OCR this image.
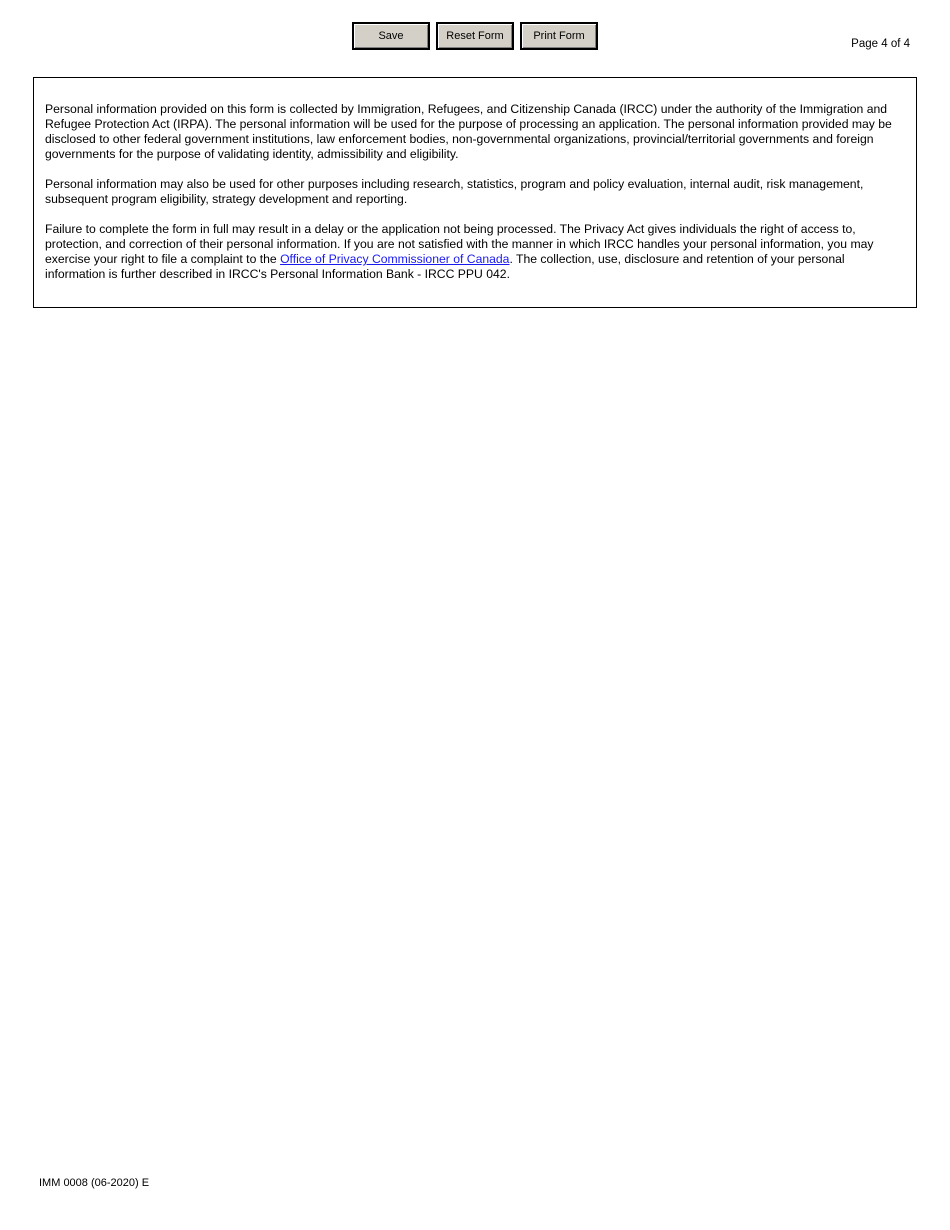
Save	Reset Form	Print Form
Page 4 of 4

Personal information provided on this form is collected by Immigration, Refugees, and Citizenship Canada (IRCC) under the authority of the Immigration and Refugee Protection Act (IRPA). The personal information will be used for the purpose of processing an application. The personal information provided may be disclosed to other federal government institutions, law enforcement bodies, non-governmental organizations, provincial/territorial governments and foreign governments for the purpose of validating identity, admissibility and eligibility.

Personal information may also be used for other purposes including research, statistics, program and policy evaluation, internal audit, risk management, subsequent program eligibility, strategy development and reporting.

Failure to complete the form in full may result in a delay or the application not being processed. The Privacy Act gives individuals the right of access to, protection, and correction of their personal information. If you are not satisfied with the manner in which IRCC handles your personal information, you may exercise your right to file a complaint to the Office of Privacy Commissioner of Canada. The collection, use, disclosure and retention of your personal information is further described in IRCC's Personal Information Bank - IRCC PPU 042.

IMM 0008 (06-2020) E
